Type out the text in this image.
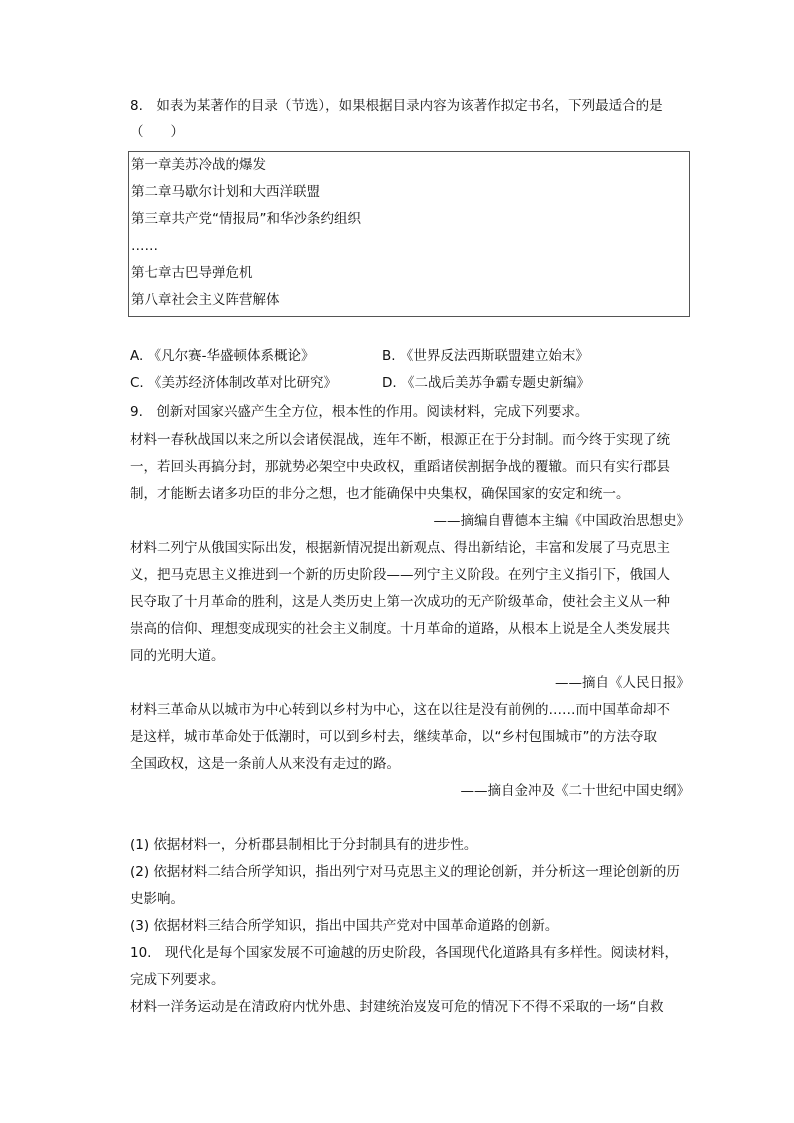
8.　如表为某著作的目录（节选），如果根据目录内容为该著作拟定书名，下列最适合的是
（　　）
第一章美苏冷战的爆发
第二章马歇尔计划和大西洋联盟
第三章共产党“情报局”和华沙条约组织
……
第七章古巴导弹危机
第八章社会主义阵营解体
A. 《凡尔赛-华盛顿体系概论》	B. 《世界反法西斯联盟建立始末》
C. 《美苏经济体制改革对比研究》	D. 《二战后美苏争霸专题史新编》
9.　创新对国家兴盛产生全方位，根本性的作用。阅读材料，完成下列要求。
材料一春秋战国以来之所以会诸侯混战，连年不断，根源正在于分封制。而今终于实现了统
一，若回头再搞分封，那就势必架空中央政权，重蹈诸侯割据争战的覆辙。而只有实行郡县
制，才能断去诸多功臣的非分之想，也才能确保中央集权，确保国家的安定和统一。
——摘编自曹德本主编《中国政治思想史》
材料二列宁从俄国实际出发，根据新情况提出新观点、得出新结论，丰富和发展了马克思主
义，把马克思主义推进到一个新的历史阶段——列宁主义阶段。在列宁主义指引下，俄国人
民夺取了十月革命的胜利，这是人类历史上第一次成功的无产阶级革命，使社会主义从一种
崇高的信仰、理想变成现实的社会主义制度。十月革命的道路，从根本上说是全人类发展共
同的光明大道。
——摘自《人民日报》
材料三革命从以城市为中心转到以乡村为中心，这在以往是没有前例的……而中国革命却不
是这样，城市革命处于低潮时，可以到乡村去，继续革命，以“乡村包围城市”的方法夺取
全国政权，这是一条前人从来没有走过的路。
——摘自金冲及《二十世纪中国史纲》
(1) 依据材料一，分析郡县制相比于分封制具有的进步性。
(2) 依据材料二结合所学知识，指出列宁对马克思主义的理论创新，并分析这一理论创新的历
史影响。
(3) 依据材料三结合所学知识，指出中国共产党对中国革命道路的创新。
10.　现代化是每个国家发展不可逾越的历史阶段，各国现代化道路具有多样性。阅读材料，
完成下列要求。
材料一洋务运动是在清政府内忧外患、封建统治岌岌可危的情况下不得不采取的一场“自救
